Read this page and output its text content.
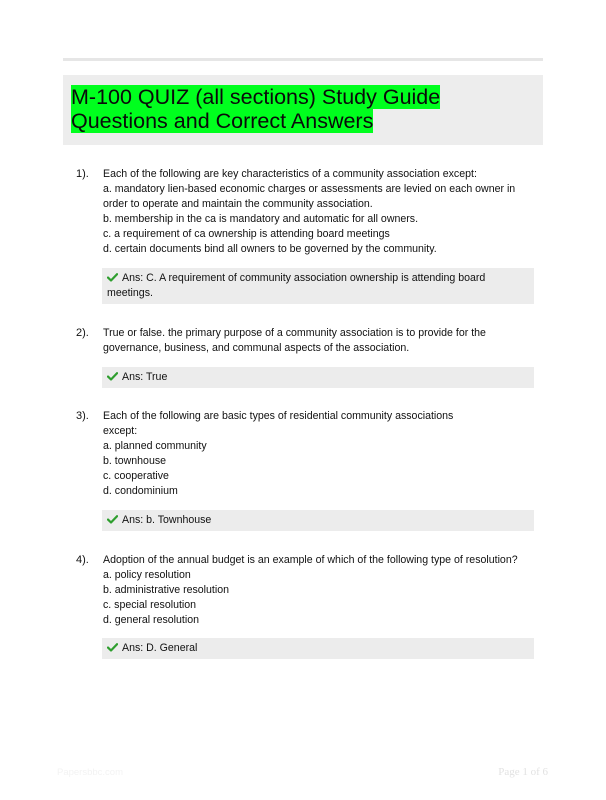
M-100 QUIZ (all sections) Study Guide Questions and Correct Answers
1). Each of the following are key characteristics of a community association except:
a. mandatory lien-based economic charges or assessments are levied on each owner in
order to operate and maintain the community association.
b. membership in the ca is mandatory and automatic for all owners.
c. a requirement of ca ownership is attending board meetings
d. certain documents bind all owners to be governed by the community.
Ans: C. A requirement of community association ownership is attending board meetings.
2). True or false. the primary purpose of a community association is to provide for the
governance, business, and communal aspects of the association.
Ans: True
3). Each of the following are basic types of residential community associations
except:
a. planned community
b. townhouse
c. cooperative
d. condominium
Ans: b. Townhouse
4). Adoption of the annual budget is an example of which of the following type of resolution?
a. policy resolution
b. administrative resolution
c. special resolution
d. general resolution
Ans: D. General
Papersbbc.com	Page 1 of 6
